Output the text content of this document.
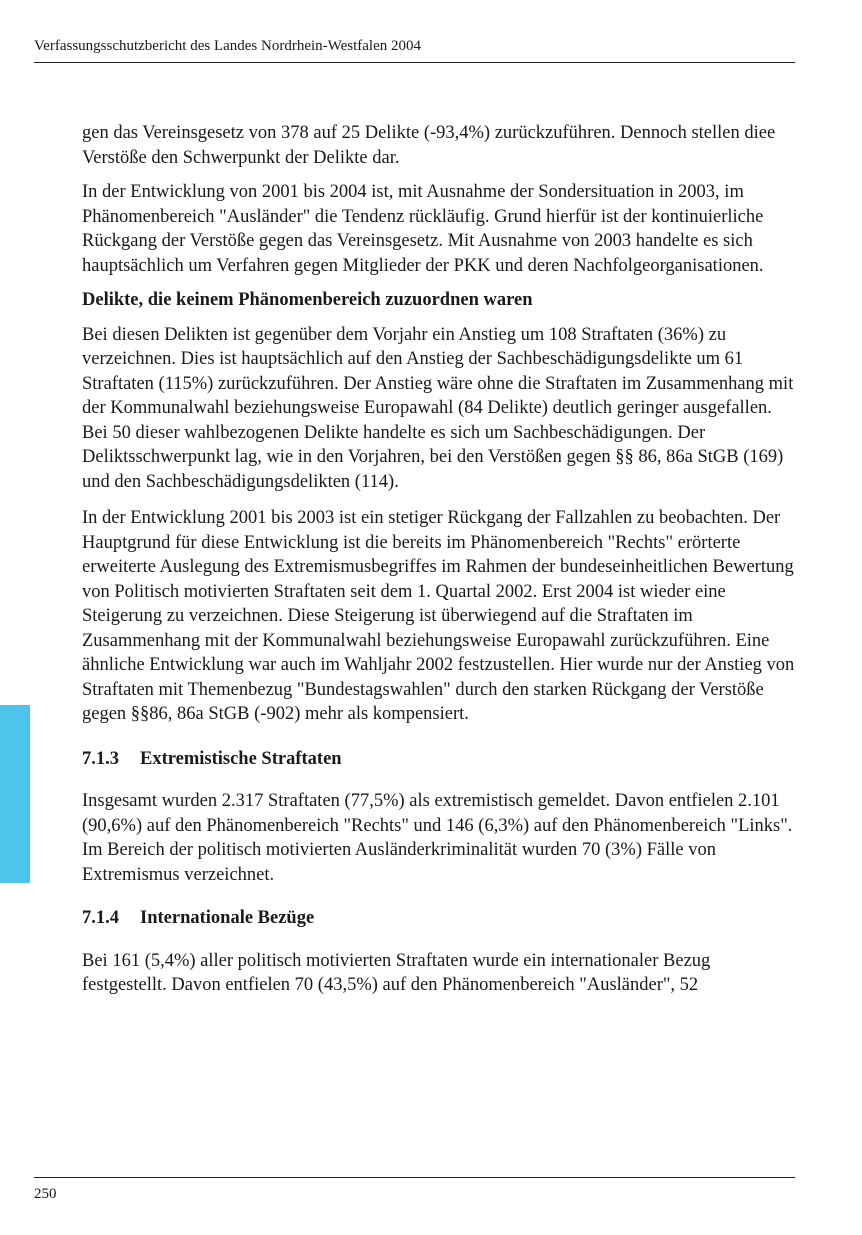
Verfassungsschutzbericht des Landes Nordrhein-Westfalen 2004

gen das Vereinsgesetz von 378 auf 25 Delikte (-93,4%) zurückzuführen. Dennoch stellen diee Verstöße den Schwerpunkt der Delikte dar.

In der Entwicklung von 2001 bis 2004 ist, mit Ausnahme der Sondersituation in 2003, im Phänomenbereich "Ausländer" die Tendenz rückläufig. Grund hierfür ist der kontinuierliche Rückgang der Verstöße gegen das Vereinsgesetz. Mit Ausnahme von 2003 handelte es sich hauptsächlich um Verfahren gegen Mitglieder der PKK und deren Nachfolgeorganisationen.

Delikte, die keinem Phänomenbereich zuzuordnen waren

Bei diesen Delikten ist gegenüber dem Vorjahr ein Anstieg um 108 Straftaten (36%) zu verzeichnen. Dies ist hauptsächlich auf den Anstieg der Sachbeschädigungsdelikte um 61 Straftaten (115%) zurückzuführen. Der Anstieg wäre ohne die Straftaten im Zusammenhang mit der Kommunalwahl beziehungsweise Europawahl (84 Delikte) deutlich geringer ausgefallen. Bei 50 dieser wahlbezogenen Delikte handelte es sich um Sachbeschädigungen. Der Deliktsschwerpunkt lag, wie in den Vorjahren, bei den Verstößen gegen §§ 86, 86a StGB (169) und den Sachbeschädigungsdelikten (114).

In der Entwicklung 2001 bis 2003 ist ein stetiger Rückgang der Fallzahlen zu beobachten. Der Hauptgrund für diese Entwicklung ist die bereits im Phänomenbereich "Rechts" erörterte erweiterte Auslegung des Extremismusbegriffes im Rahmen der bundeseinheitlichen Bewertung von Politisch motivierten Straftaten seit dem 1. Quartal 2002. Erst 2004 ist wieder eine Steigerung zu verzeichnen. Diese Steigerung ist überwiegend auf die Straftaten im Zusammenhang mit der Kommunalwahl beziehungsweise Europawahl zurückzuführen. Eine ähnliche Entwicklung war auch im Wahljahr 2002 festzustellen. Hier wurde nur der Anstieg von Straftaten mit Themenbezug "Bundestagswahlen" durch den starken Rückgang der Verstöße gegen §§86, 86a StGB (-902) mehr als kompensiert.

7.1.3	Extremistische Straftaten

Insgesamt wurden 2.317 Straftaten (77,5%) als extremistisch gemeldet. Davon entfielen 2.101 (90,6%) auf den Phänomenbereich "Rechts" und 146 (6,3%) auf den Phänomenbereich "Links". Im Bereich der politisch motivierten Ausländerkriminalität wurden 70 (3%) Fälle von Extremismus verzeichnet.

7.1.4	Internationale Bezüge

Bei 161 (5,4%) aller politisch motivierten Straftaten wurde ein internationaler Bezug festgestellt. Davon entfielen 70 (43,5%) auf den Phänomenbereich "Ausländer", 52

250
